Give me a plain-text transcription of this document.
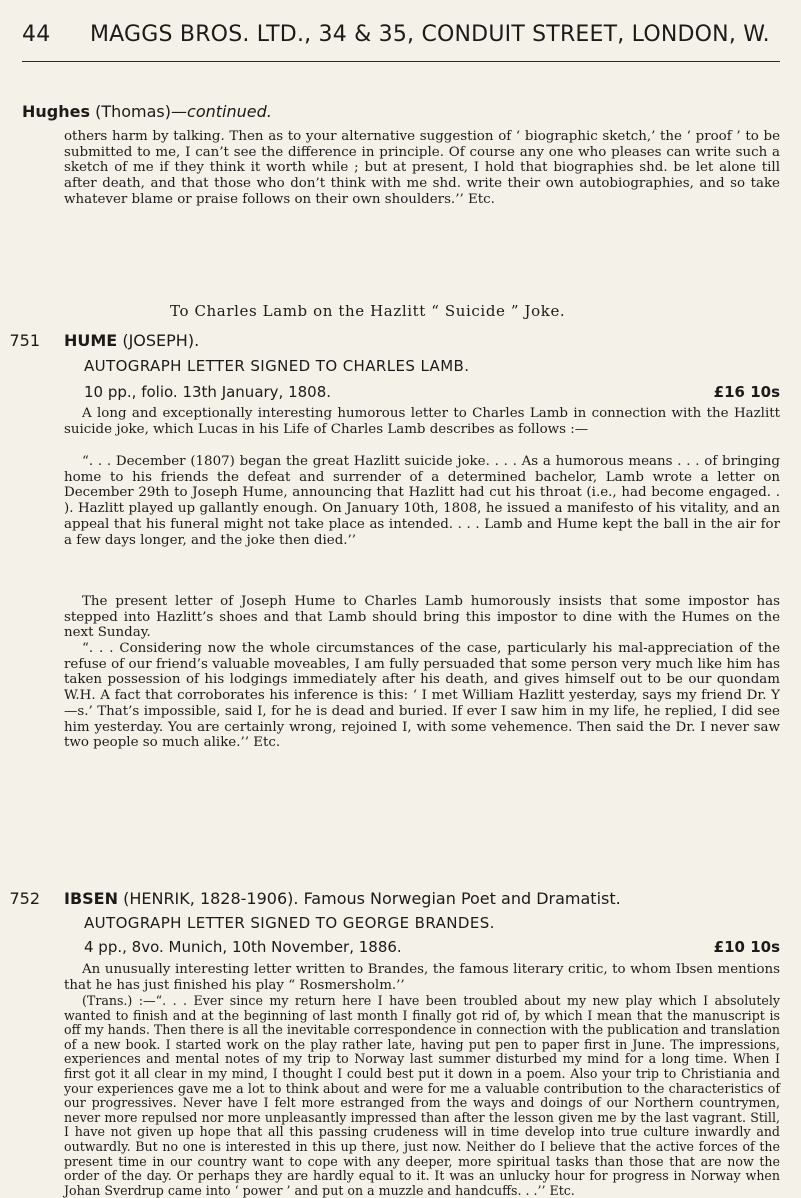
44 MAGGS BROS. LTD., 34 & 35, CONDUIT STREET, LONDON, W.
Hughes (Thomas)—continued.
others harm by talking. Then as to your alternative suggestion of ‘ biographic sketch,’ the ‘ proof ’ to be submitted to me, I can’t see the difference in principle. Of course any one who pleases can write such a sketch of me if they think it worth while ; but at present, I hold that biographies shd. be let alone till after death, and that those who don’t think with me shd. write their own autobiographies, and so take whatever blame or praise follows on their own shoulders.’’ Etc.
To Charles Lamb on the Hazlitt “ Suicide ” Joke.
751 HUME (JOSEPH).
AUTOGRAPH LETTER SIGNED TO CHARLES LAMB.
10 pp., folio. 13th January, 1808.	£16 10s
A long and exceptionally interesting humorous letter to Charles Lamb in connection with the Hazlitt suicide joke, which Lucas in his Life of Charles Lamb describes as follows :—
“. . . December (1807) began the great Hazlitt suicide joke. . . . As a humorous means . . . of bringing home to his friends the defeat and surrender of a determined bachelor, Lamb wrote a letter on December 29th to Joseph Hume, announcing that Hazlitt had cut his throat (i.e., had become engaged. . ). Hazlitt played up gallantly enough. On January 10th, 1808, he issued a manifesto of his vitality, and an appeal that his funeral might not take place as intended. . . . Lamb and Hume kept the ball in the air for a few days longer, and the joke then died.’’
The present letter of Joseph Hume to Charles Lamb humorously insists that some impostor has stepped into Hazlitt’s shoes and that Lamb should bring this impostor to dine with the Humes on the next Sunday.
“. . . Considering now the whole circumstances of the case, particularly his mal-appreciation of the refuse of our friend’s valuable moveables, I am fully persuaded that some person very much like him has taken possession of his lodgings immediately after his death, and gives himself out to be our quondam W.H. A fact that corroborates his inference is this: ‘ I met William Hazlitt yesterday, says my friend Dr. Y—s.’ That’s impossible, said I, for he is dead and buried. If ever I saw him in my life, he replied, I did see him yesterday. You are certainly wrong, rejoined I, with some vehemence. Then said the Dr. I never saw two people so much alike.’’ Etc.
752 IBSEN (HENRIK, 1828-1906). Famous Norwegian Poet and Dramatist.
AUTOGRAPH LETTER SIGNED TO GEORGE BRANDES.
4 pp., 8vo. Munich, 10th November, 1886.	£10 10s
An unusually interesting letter written to Brandes, the famous literary critic, to whom Ibsen mentions that he has just finished his play “ Rosmersholm.’’
(Trans.) :—“. . . Ever since my return here I have been troubled about my new play which I absolutely wanted to finish and at the beginning of last month I finally got rid of, by which I mean that the manuscript is off my hands. Then there is all the inevitable correspondence in connection with the publication and translation of a new book. I started work on the play rather late, having put pen to paper first in June. The impressions, experiences and mental notes of my trip to Norway last summer disturbed my mind for a long time. When I first got it all clear in my mind, I thought I could best put it down in a poem. Also your trip to Christiania and your experiences gave me a lot to think about and were for me a valuable contribution to the characteristics of our progressives. Never have I felt more estranged from the ways and doings of our Northern countrymen, never more repulsed nor more unpleasantly impressed than after the lesson given me by the last vagrant. Still, I have not given up hope that all this passing crudeness will in time develop into true culture inwardly and outwardly. But no one is interested in this up there, just now. Neither do I believe that the active forces of the present time in our country want to cope with any deeper, more spiritual tasks than those that are now the order of the day. Or perhaps they are hardly equal to it. It was an unlucky hour for progress in Norway when Johan Sverdrup came into ‘ power ’ and put on a muzzle and handcuffs. . .’’ Etc.
